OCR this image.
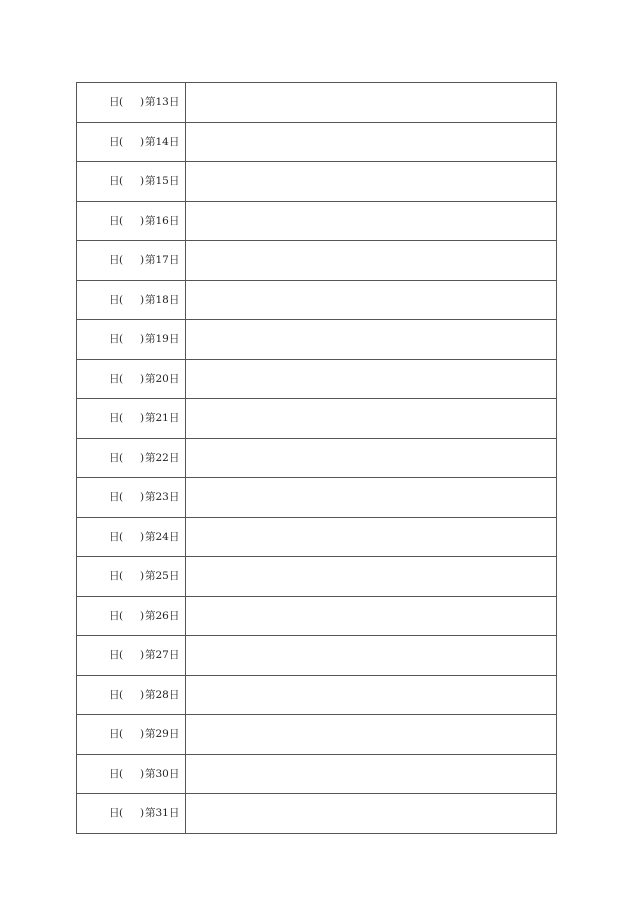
日 ( ) 第13日	

日 ( ) 第14日	

日 ( ) 第15日	

日 ( ) 第16日	

日 ( ) 第17日	

日 ( ) 第18日	

日 ( ) 第19日	

日 ( ) 第20日	

日 ( ) 第21日	

日 ( ) 第22日	

日 ( ) 第23日	

日 ( ) 第24日	

日 ( ) 第25日	

日 ( ) 第26日	

日 ( ) 第27日	

日 ( ) 第28日	

日 ( ) 第29日	

日 ( ) 第30日	

日 ( ) 第31日	
